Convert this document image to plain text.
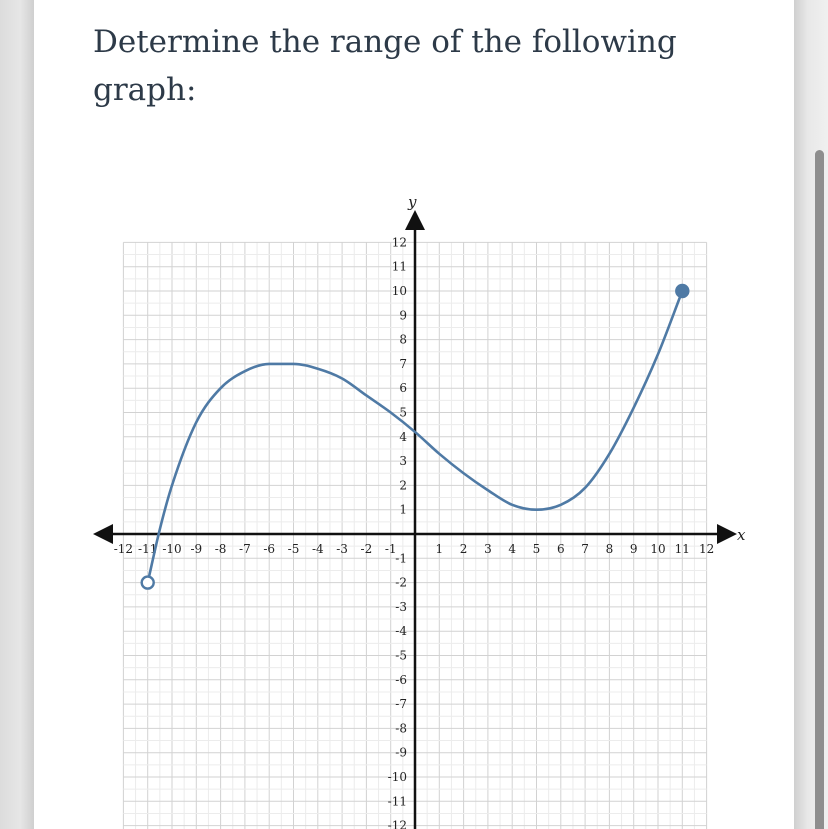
Determine the range of the following graph:

x
y
-12 -11 -10 -9 -8 -7 -6 -5 -4 -3 -2 -1	1 2 3 4 5 6 7 8 9 10 11 12
12
11
10
9
8
7
6
5
4
3
2
1
-1
-2
-3
-4
-5
-6
-7
-8
-9
-10
-11
-12
